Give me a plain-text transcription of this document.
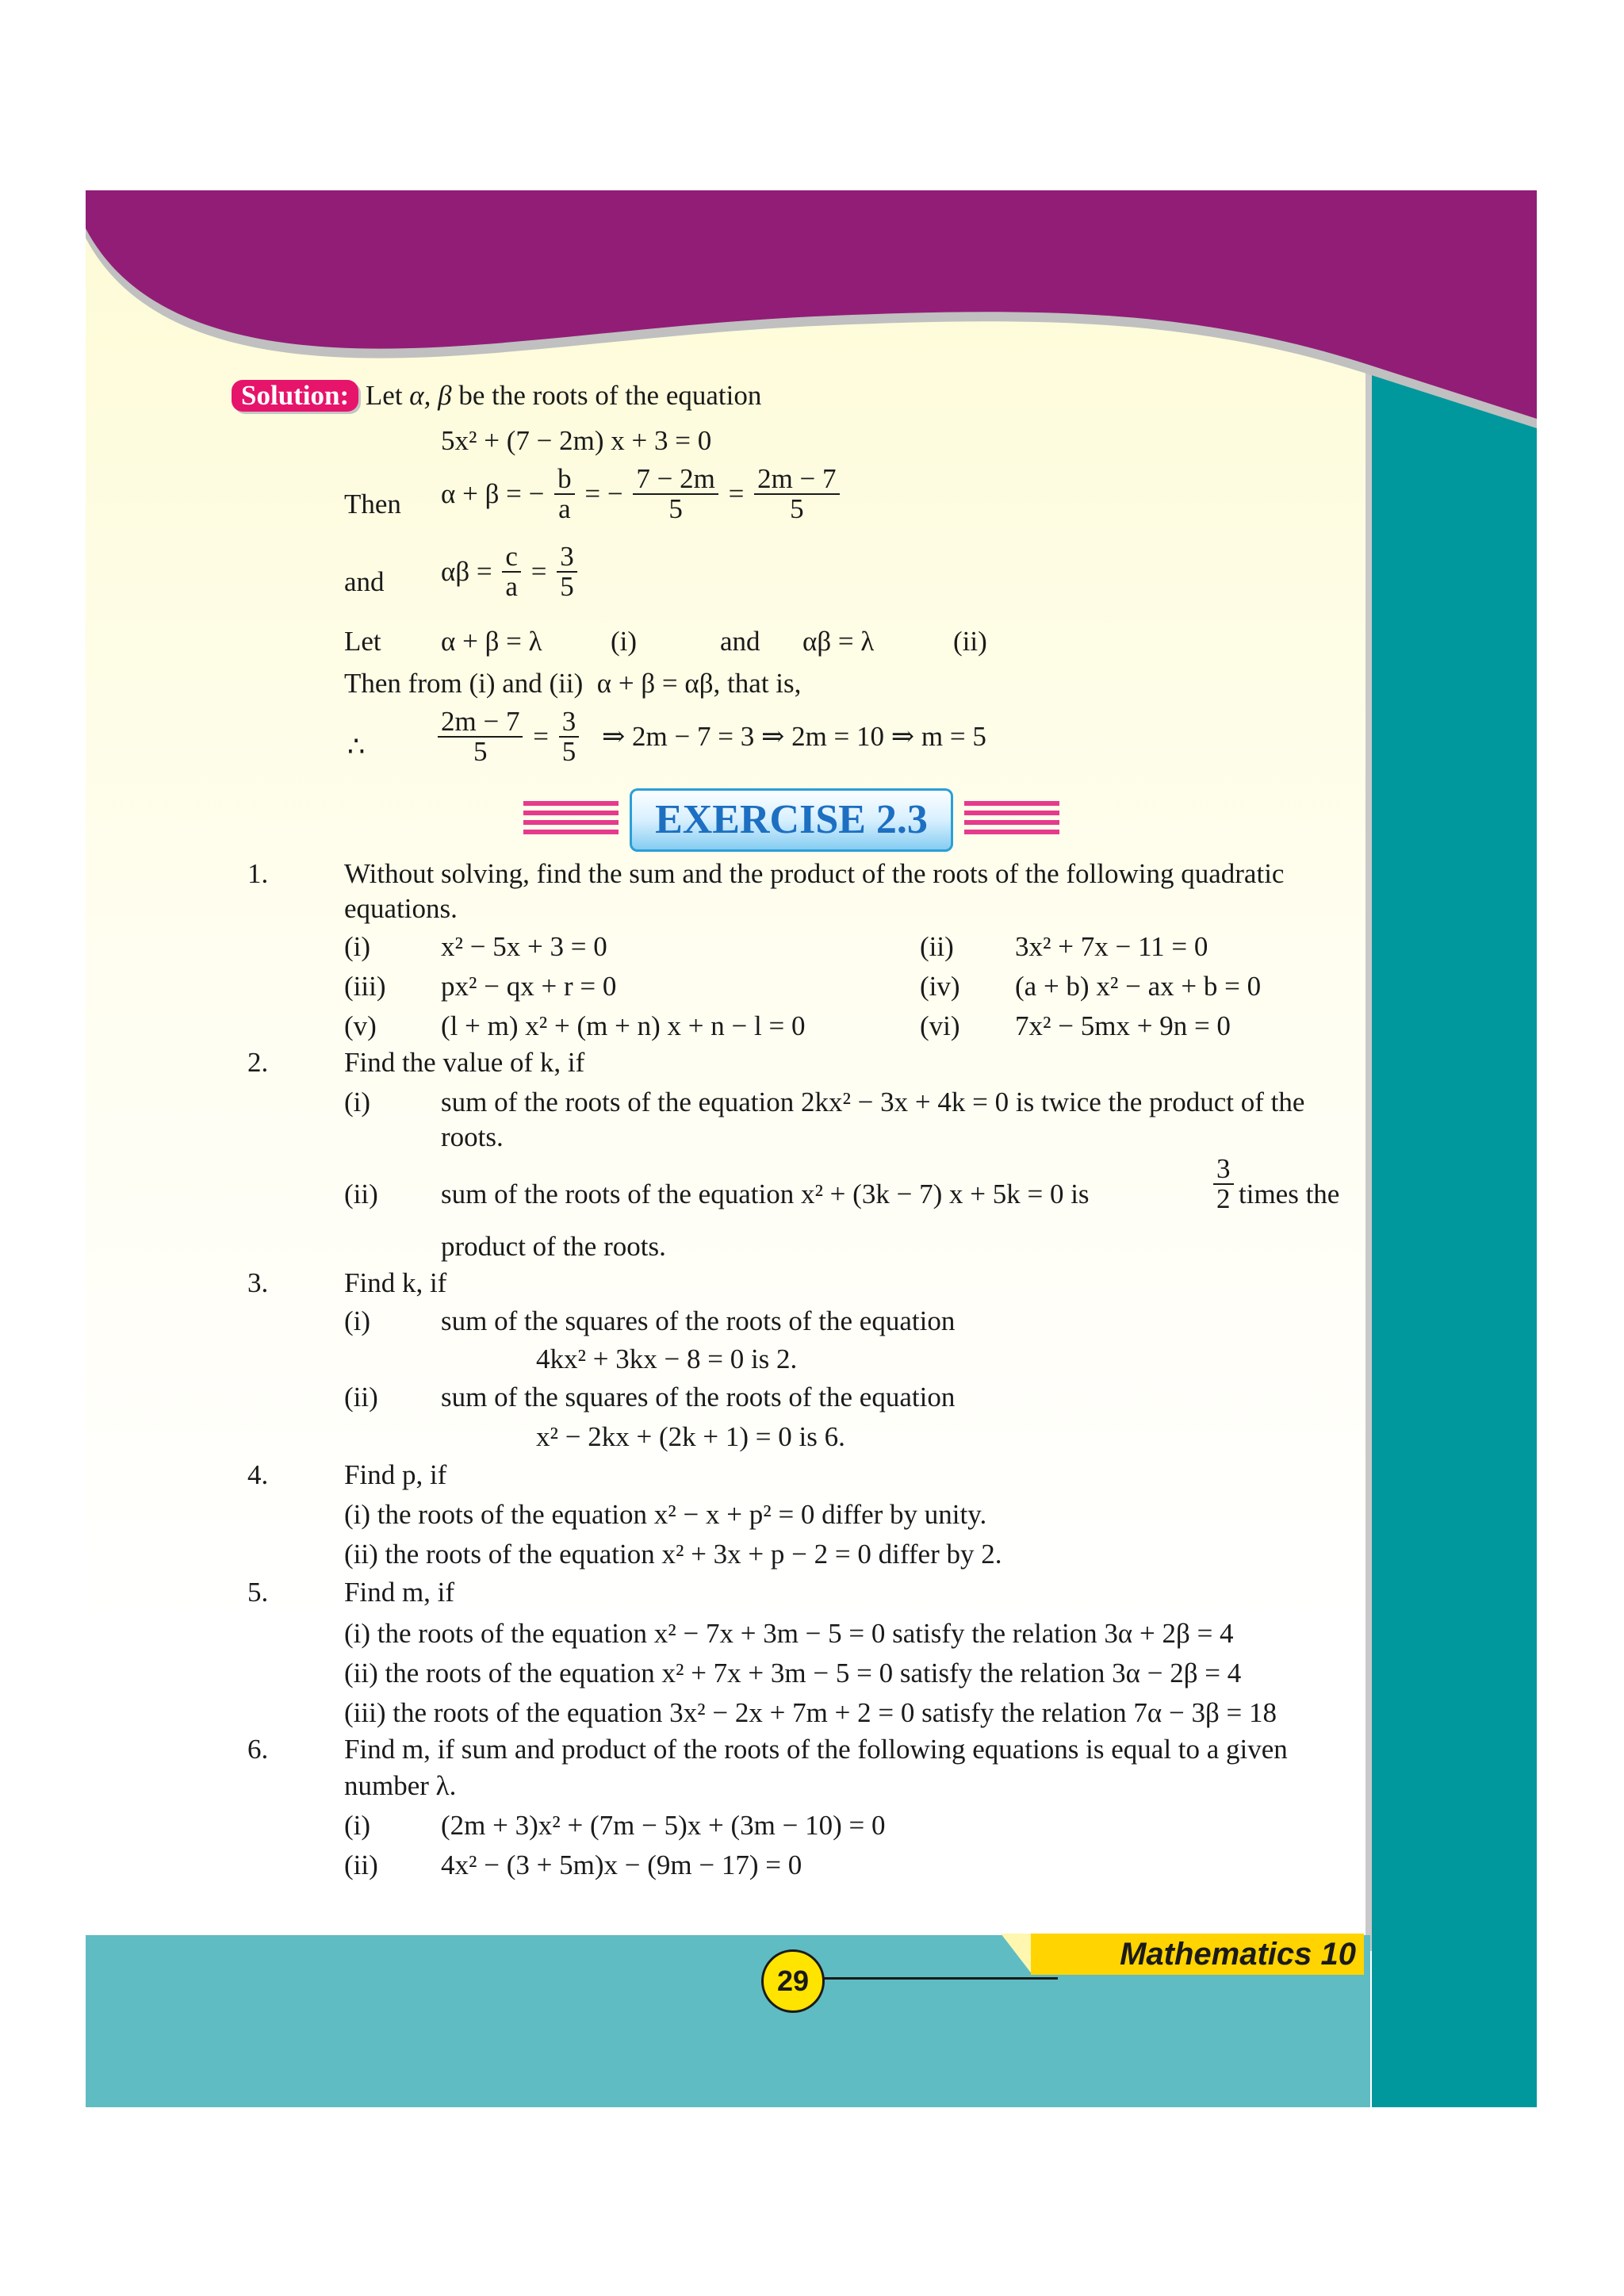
Solution: Let α, β be the roots of the equation
5x² + (7 − 2m) x + 3 = 0
Then α + β = − $\frac{b}{a}$ = − $\frac{7 - 2m}{5} = \frac{2m - 7}{5}$
and $\alpha\beta = \frac{c}{a} = \frac{3}{5}$
Let α + β = λ (i)	and αβ = λ	(ii)
Then from (i) and (ii) α + β = αβ, that is,
∴	$\frac{2m - 7}{5} = \frac{3}{5}$ ⇒ 2m − 7 = 3 ⇒ 2m = 10 ⇒ m = 5
EXERCISE 2.3
1.	Without solving, find the sum and the product of the roots of the following quadratic
equations.
(i)	x² − 5x + 3 = 0	(ii) 3x² + 7x − 11 = 0
(iii) px² − qx + r = 0	(iv) (a + b) x² − ax + b = 0
(v) (l + m) x² + (m + n) x + n − l = 0	(vi) 7x² − 5mx + 9n = 0
2.	Find the value of k, if
(i)	sum of the roots of the equation 2kx² − 3x + 4k = 0 is twice the product of the
roots.
(ii) sum of the roots of the equation x² + (3k − 7) x + 5k = 0 is	$\frac{3}{2}$ times the
product of the roots.
3.	Find k, if
(i)	sum of the squares of the roots of the equation
4kx² + 3kx − 8 = 0 is 2.
(ii) sum of the squares of the roots of the equation
x² − 2kx + (2k + 1) = 0 is 6.
4.	Find p, if
(i) the roots of the equation x² − x + p² = 0 differ by unity.
(ii) the roots of the equation x² + 3x + p − 2 = 0 differ by 2.
5.	Find m, if
(i) the roots of the equation x² − 7x + 3m − 5 = 0 satisfy the relation 3α + 2β = 4
(ii) the roots of the equation x² + 7x + 3m − 5 = 0 satisfy the relation 3α − 2β = 4
(iii) the roots of the equation 3x² − 2x + 7m + 2 = 0 satisfy the relation 7α − 3β = 18
6.	Find m, if sum and product of the roots of the following equations is equal to a given
number λ.
(i)	(2m + 3)x² + (7m − 5)x + (3m − 10) = 0
(ii) 4x² − (3 + 5m)x − (9m − 17) = 0
Mathematics 10
29
